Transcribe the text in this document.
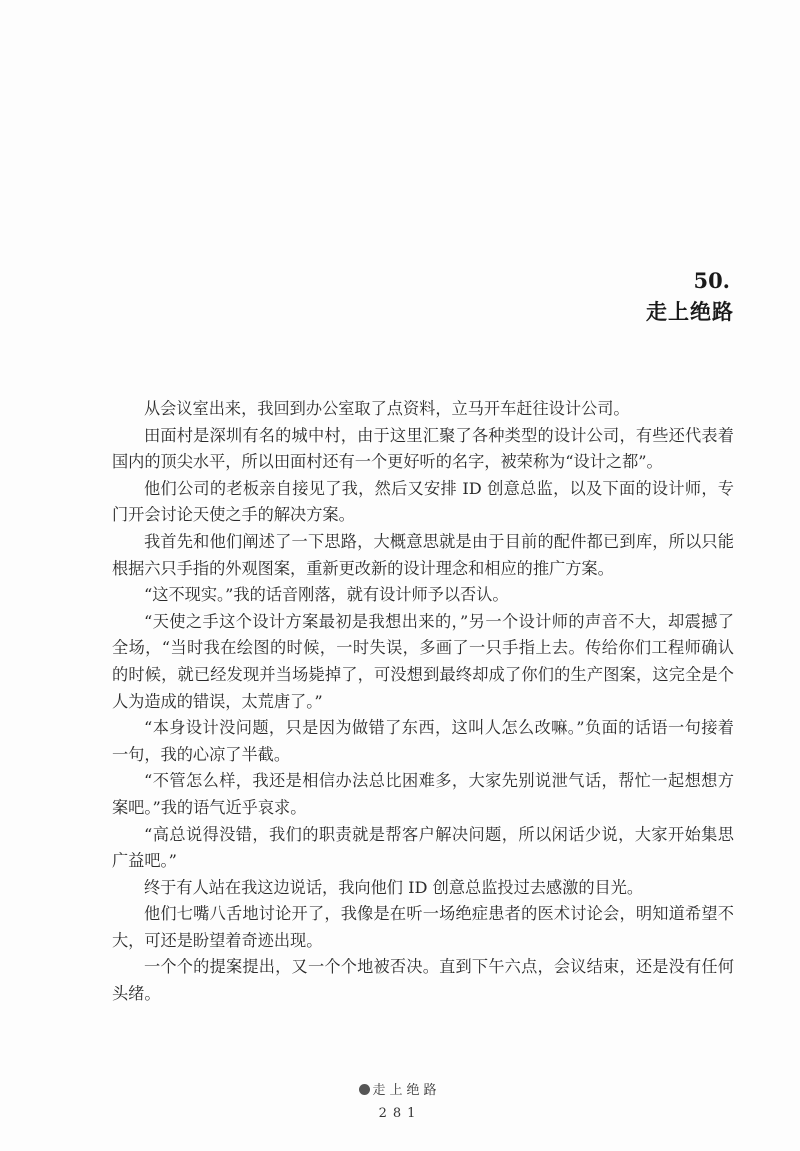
50.
走上绝路

从会议室出来，我回到办公室取了点资料，立马开车赶往设计公司。

田面村是深圳有名的城中村，由于这里汇聚了各种类型的设计公司，有些还代表着国内的顶尖水平，所以田面村还有一个更好听的名字，被荣称为“设计之都”。

他们公司的老板亲自接见了我，然后又安排 ID 创意总监，以及下面的设计师，专门开会讨论天使之手的解决方案。

我首先和他们阐述了一下思路，大概意思就是由于目前的配件都已到库，所以只能根据六只手指的外观图案，重新更改新的设计理念和相应的推广方案。

“这不现实。”我的话音刚落，就有设计师予以否认。

“天使之手这个设计方案最初是我想出来的，”另一个设计师的声音不大，却震撼了全场，“当时我在绘图的时候，一时失误，多画了一只手指上去。传给你们工程师确认的时候，就已经发现并当场毙掉了，可没想到最终却成了你们的生产图案，这完全是个人为造成的错误，太荒唐了。”

“本身设计没问题，只是因为做错了东西，这叫人怎么改嘛。”负面的话语一句接着一句，我的心凉了半截。

“不管怎么样，我还是相信办法总比困难多，大家先别说泄气话，帮忙一起想想方案吧。”我的语气近乎哀求。

“高总说得没错，我们的职责就是帮客户解决问题，所以闲话少说，大家开始集思广益吧。”

终于有人站在我这边说话，我向他们 ID 创意总监投过去感激的目光。

他们七嘴八舌地讨论开了，我像是在听一场绝症患者的医术讨论会，明知道希望不大，可还是盼望着奇迹出现。

一个个的提案提出，又一个个地被否决。直到下午六点，会议结束，还是没有任何头绪。

走上绝路
281
